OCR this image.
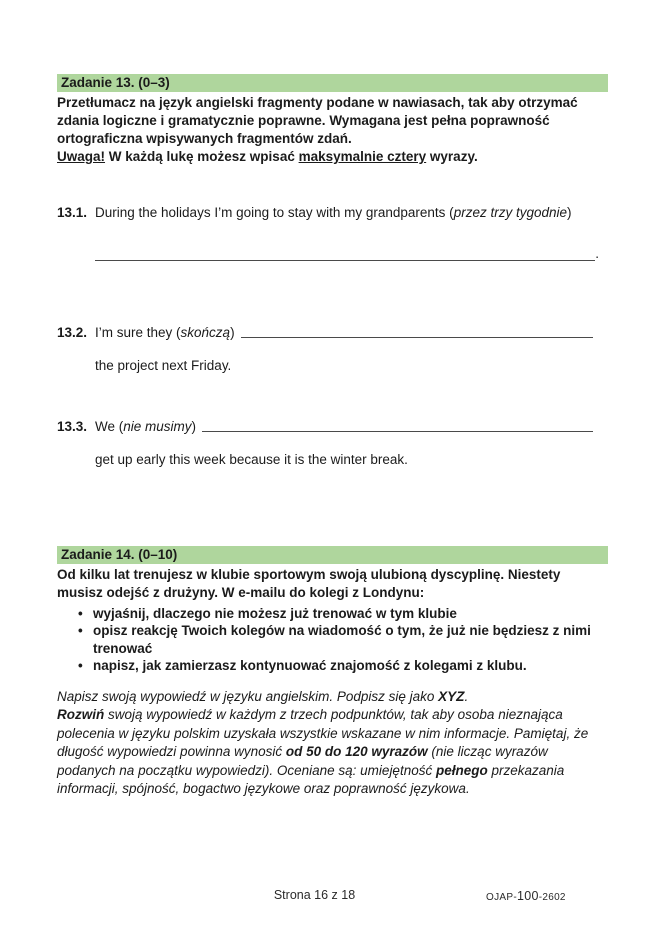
Zadanie 13. (0–3)
Przetłumacz na język angielski fragmenty podane w nawiasach, tak aby otrzymać zdania logiczne i gramatycznie poprawne. Wymagana jest pełna poprawność ortograficzna wpisywanych fragmentów zdań.
Uwaga! W każdą lukę możesz wpisać maksymalnie cztery wyrazy.
13.1. During the holidays I’m going to stay with my grandparents (przez trzy tygodnie)
.
13.2. I’m sure they ( skończą )
the project next Friday.
13.3. We ( nie musimy )
get up early this week because it is the winter break.
Zadanie 14. (0–10)
Od kilku lat trenujesz w klubie sportowym swoją ulubioną dyscyplinę. Niestety musisz odejść z drużyny. W e-mailu do kolegi z Londynu:
• wyjaśnij, dlaczego nie możesz już trenować w tym klubie
• opisz reakcję Twoich kolegów na wiadomość o tym, że już nie będziesz z nimi trenować
• napisz, jak zamierzasz kontynuować znajomość z kolegami z klubu.
Napisz swoją wypowiedź w języku angielskim. Podpisz się jako XYZ.
Rozwiń swoją wypowiedź w każdym z trzech podpunktów, tak aby osoba nieznająca polecenia w języku polskim uzyskała wszystkie wskazane w nim informacje. Pamiętaj, że długość wypowiedzi powinna wynosić od 50 do 120 wyrazów (nie licząc wyrazów podanych na początku wypowiedzi). Oceniane są: umiejętność pełnego przekazania informacji, spójność, bogactwo językowe oraz poprawność językowa.
Strona 16 z 18	OJAP-100-2602
